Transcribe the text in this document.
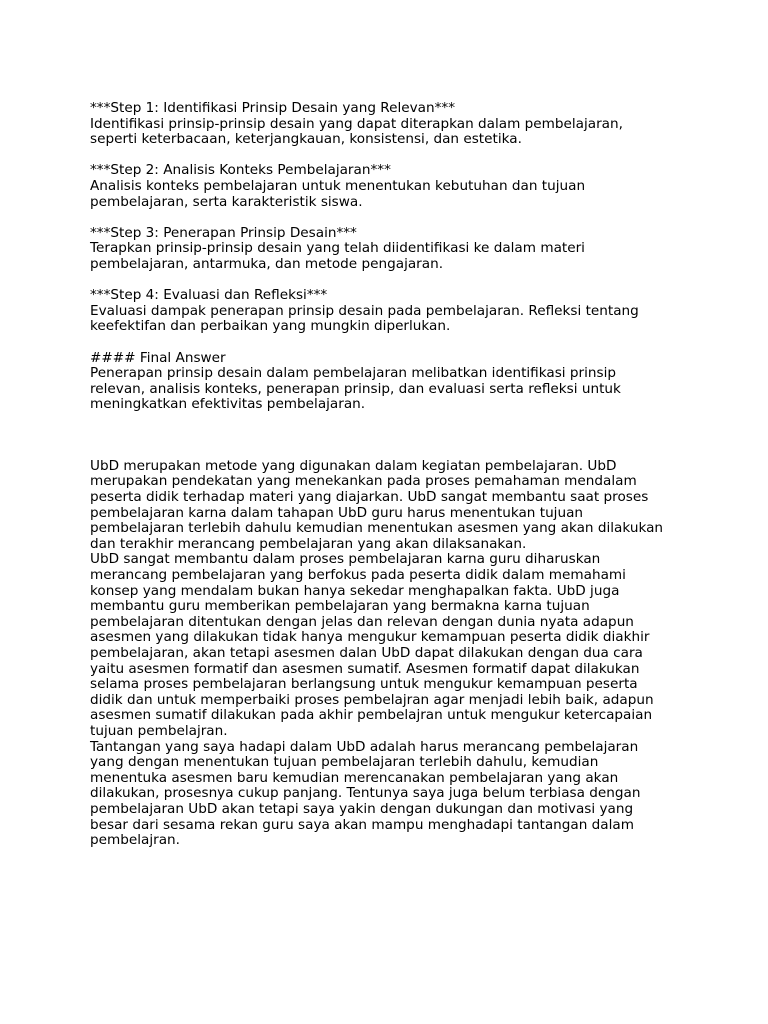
***Step 1: Identifikasi Prinsip Desain yang Relevan***

Identifikasi prinsip-prinsip desain yang dapat diterapkan dalam pembelajaran,
seperti keterbacaan, keterjangkauan, konsistensi, dan estetika.

***Step 2: Analisis Konteks Pembelajaran***

Analisis konteks pembelajaran untuk menentukan kebutuhan dan tujuan
pembelajaran, serta karakteristik siswa.

***Step 3: Penerapan Prinsip Desain***

Terapkan prinsip-prinsip desain yang telah diidentifikasi ke dalam materi
pembelajaran, antarmuka, dan metode pengajaran.

***Step 4: Evaluasi dan Refleksi***

Evaluasi dampak penerapan prinsip desain pada pembelajaran. Refleksi tentang
keefektifan dan perbaikan yang mungkin diperlukan.

#### Final Answer

Penerapan prinsip desain dalam pembelajaran melibatkan identifikasi prinsip
relevan, analisis konteks, penerapan prinsip, dan evaluasi serta refleksi untuk
meningkatkan efektivitas pembelajaran.

UbD merupakan metode yang digunakan dalam kegiatan pembelajaran. UbD
merupakan pendekatan yang menekankan pada proses pemahaman mendalam
peserta didik terhadap materi yang diajarkan. UbD sangat membantu saat proses
pembelajaran karna dalam tahapan UbD guru harus menentukan tujuan
pembelajaran terlebih dahulu kemudian menentukan asesmen yang akan dilakukan
dan terakhir merancang pembelajaran yang akan dilaksanakan.

UbD sangat membantu dalam proses pembelajaran karna guru diharuskan
merancang pembelajaran yang berfokus pada peserta didik dalam memahami
konsep yang mendalam bukan hanya sekedar menghapalkan fakta. UbD juga
membantu guru memberikan pembelajaran yang bermakna karna tujuan
pembelajaran ditentukan dengan jelas dan relevan dengan dunia nyata adapun
asesmen yang dilakukan tidak hanya mengukur kemampuan peserta didik diakhir
pembelajaran, akan tetapi asesmen dalan UbD dapat dilakukan dengan dua cara
yaitu asesmen formatif dan asesmen sumatif. Asesmen formatif dapat dilakukan
selama proses pembelajaran berlangsung untuk mengukur kemampuan peserta
didik dan untuk memperbaiki proses pembelajran agar menjadi lebih baik, adapun
asesmen sumatif dilakukan pada akhir pembelajran untuk mengukur ketercapaian
tujuan pembelajran.

Tantangan yang saya hadapi dalam UbD adalah harus merancang pembelajaran
yang dengan menentukan tujuan pembelajaran terlebih dahulu, kemudian
menentuka asesmen baru kemudian merencanakan pembelajaran yang akan
dilakukan, prosesnya cukup panjang. Tentunya saya juga belum terbiasa dengan
pembelajaran UbD akan tetapi saya yakin dengan dukungan dan motivasi yang
besar dari sesama rekan guru saya akan mampu menghadapi tantangan dalam
pembelajran.
